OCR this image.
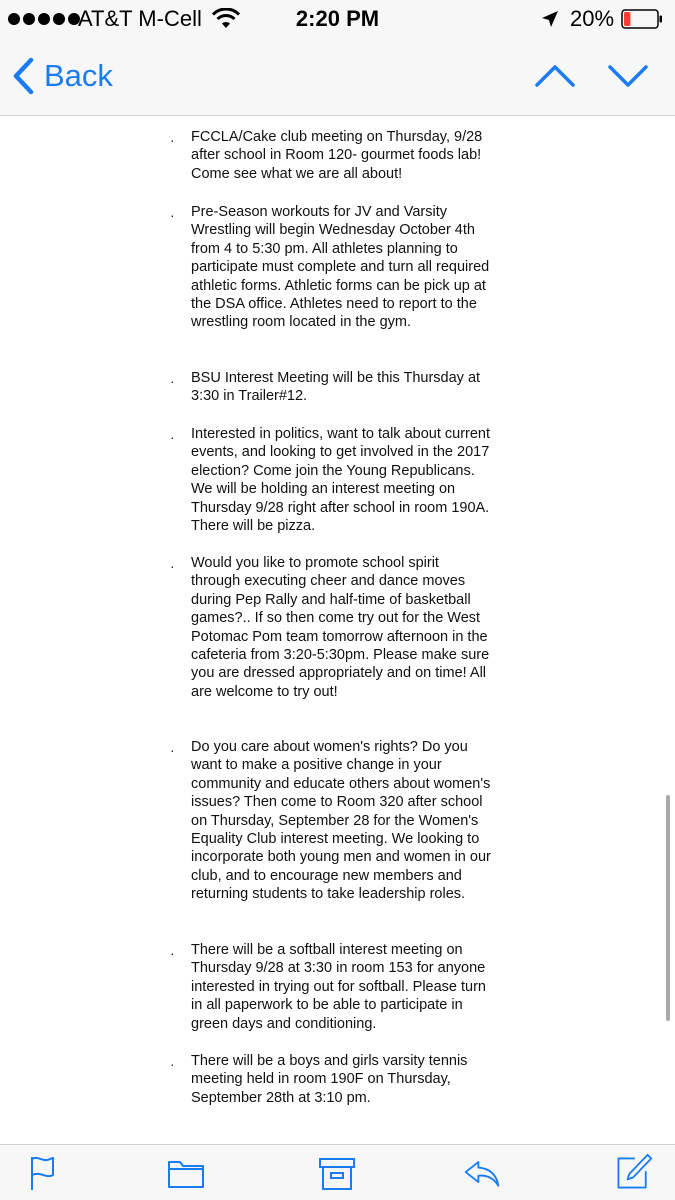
AT&T M-Cell	2:20 PM	20%
Back
· FCCLA/Cake club meeting on Thursday, 9/28 after school in Room 120- gourmet foods lab! Come see what we are all about!
· Pre-Season workouts for JV and Varsity Wrestling will begin Wednesday October 4th from 4 to 5:30 pm. All athletes planning to participate must complete and turn all required athletic forms. Athletic forms can be pick up at the DSA office. Athletes need to report to the wrestling room located in the gym.
· BSU Interest Meeting will be this Thursday at 3:30 in Trailer#12.
· Interested in politics, want to talk about current events, and looking to get involved in the 2017 election? Come join the Young Republicans. We will be holding an interest meeting on Thursday 9/28 right after school in room 190A. There will be pizza.
· Would you like to promote school spirit through executing cheer and dance moves during Pep Rally and half-time of basketball games?.. If so then come try out for the West Potomac Pom team tomorrow afternoon in the cafeteria from 3:20-5:30pm. Please make sure you are dressed appropriately and on time! All are welcome to try out!
· Do you care about women's rights? Do you want to make a positive change in your community and educate others about women's issues? Then come to Room 320 after school on Thursday, September 28 for the Women's Equality Club interest meeting. We looking to incorporate both young men and women in our club, and to encourage new members and returning students to take leadership roles.
· There will be a softball interest meeting on Thursday 9/28 at 3:30 in room 153 for anyone interested in trying out for softball. Please turn in all paperwork to be able to participate in green days and conditioning.
· There will be a boys and girls varsity tennis meeting held in room 190F on Thursday, September 28th at 3:10 pm.
